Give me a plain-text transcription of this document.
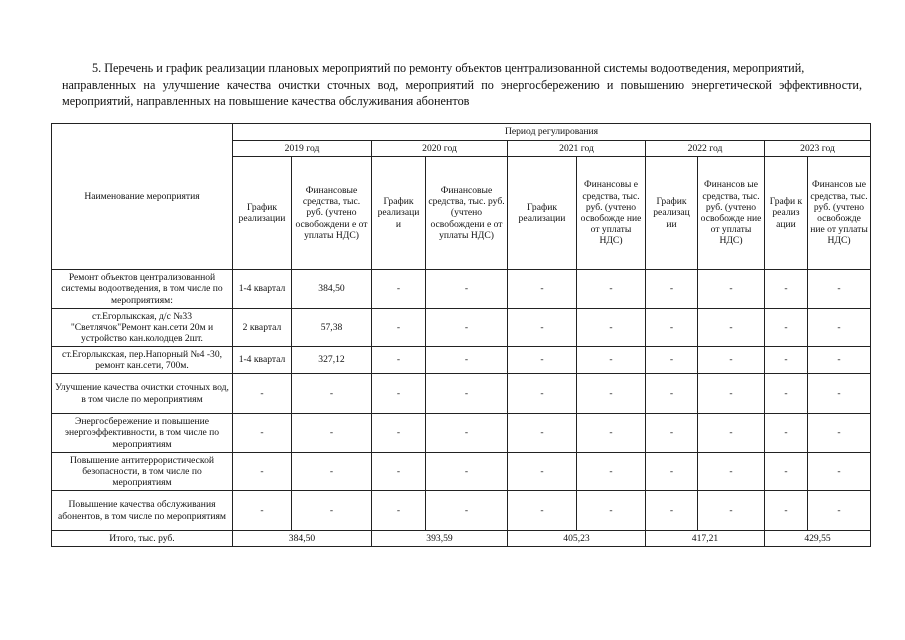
5. Перечень и график реализации плановых мероприятий по ремонту объектов централизованной системы водоотведения, мероприятий,
направленных на улучшение качества очистки сточных вод, мероприятий по энергосбережению и повышению энергетической эффективности, мероприятий, направленных на повышение качества обслуживания абонентов
Наименование мероприятия	Период регулирования									
	2019 год		2020 год		2021 год		2022 год		2023 год	
	График реализации	Финансовые средства, тыс. руб. (учтено освобождени е от уплаты НДС)	График реализаци и	Финансовые средства, тыс. руб. (учтено освобождени е от уплаты НДС)	График реализации	Финансовы е средства, тыс. руб. (учтено освобожде ние от уплаты НДС)	График реализац ии	Финансов ые средства, тыс. руб. (учтено освобожде ние от уплаты НДС)	Графи к реализ ации	Финансов ые средства, тыс. руб. (учтено освобожде ние от уплаты НДС)
Ремонт объектов централизованной системы водоотведения, в том числе по мероприятиям:	1-4 квартал	384,50	-	-	-	-	-	-	-	-
ст.Егорлыкская, д/с №33 "Светлячок"Ремонт кан.сети 20м и устройство кан.колодцев 2шт.	2 квартал	57,38	-	-	-	-	-	-	-	-
ст.Егорлыкская, пер.Напорный №4 -30, ремонт кан.сети, 700м.	1-4 квартал	327,12	-	-	-	-	-	-	-	-
Улучшение качества очистки сточных вод, в том числе по мероприятиям	-	-	-	-	-	-	-	-	-	-
Энергосбережение и повышение энергоэффективности, в том числе по мероприятиям	-	-	-	-	-	-	-	-	-	-
Повышение антитеррористической безопасности, в том числе по мероприятиям	-	-	-	-	-	-	-	-	-	-
Повышение качества обслуживания абонентов, в том числе по мероприятиям	-	-	-	-	-	-	-	-	-	-
Итого, тыс. руб.	384,50		393,59		405,23		417,21		429,55	
